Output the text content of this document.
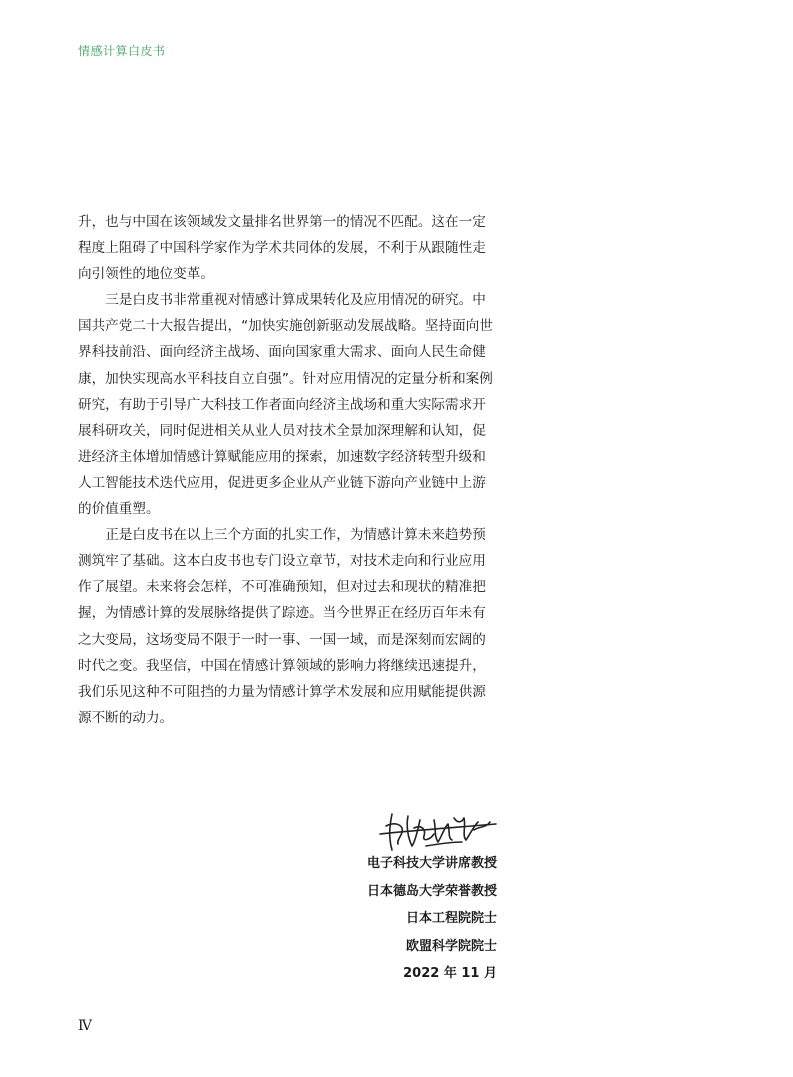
情感计算白皮书

升，也与中国在该领域发文量排名世界第一的情况不匹配。这在一定程度上阻碍了中国科学家作为学术共同体的发展，不利于从跟随性走向引领性的地位变革。

三是白皮书非常重视对情感计算成果转化及应用情况的研究。中国共产党二十大报告提出，“加快实施创新驱动发展战略。坚持面向世界科技前沿、面向经济主战场、面向国家重大需求、面向人民生命健康，加快实现高水平科技自立自强”。针对应用情况的定量分析和案例研究，有助于引导广大科技工作者面向经济主战场和重大实际需求开展科研攻关，同时促进相关从业人员对技术全景加深理解和认知，促进经济主体增加情感计算赋能应用的探索，加速数字经济转型升级和人工智能技术迭代应用，促进更多企业从产业链下游向产业链中上游的价值重塑。

正是白皮书在以上三个方面的扎实工作，为情感计算未来趋势预测筑牢了基础。这本白皮书也专门设立章节，对技术走向和行业应用作了展望。未来将会怎样，不可准确预知，但对过去和现状的精准把握，为情感计算的发展脉络提供了踪迹。当今世界正在经历百年未有之大变局，这场变局不限于一时一事、一国一域，而是深刻而宏阔的时代之变。我坚信，中国在情感计算领域的影响力将继续迅速提升，我们乐见这种不可阻挡的力量为情感计算学术发展和应用赋能提供源源不断的动力。

电子科技大学讲席教授
日本德岛大学荣誉教授
日本工程院院士
欧盟科学院院士
2022 年 11 月
Ⅳ
